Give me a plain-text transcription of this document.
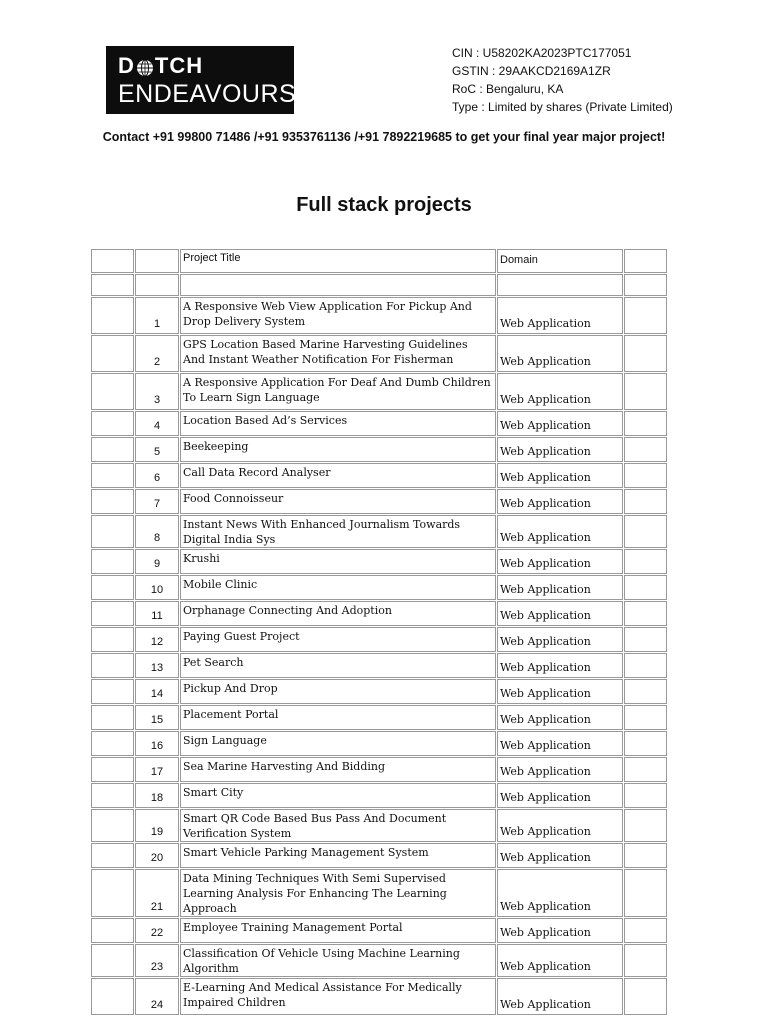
D TCH
ENDEAVOURS
CIN : U58202KA2023PTC177051
GSTIN : 29AAKCD2169A1ZR
RoC : Bengaluru, KA
Type : Limited by shares (Private Limited)
Contact +91 99800 71486 /+91 9353761136 /+91 7892219685 to get your final year major project!
Full stack projects
		Project Title	Domain	

	1	A Responsive Web View Application For Pickup And Drop Delivery System	Web Application	
	2	GPS Location Based Marine Harvesting Guidelines And Instant Weather Notification For Fisherman	Web Application	
	3	A Responsive Application For Deaf And Dumb Children To Learn Sign Language	Web Application	
	4	Location Based Ad’s Services	Web Application	
	5	Beekeeping	Web Application	
	6	Call Data Record Analyser	Web Application	
	7	Food Connoisseur	Web Application	
	8	Instant News With Enhanced Journalism Towards Digital India Sys	Web Application	
	9	Krushi	Web Application	
	10	Mobile Clinic	Web Application	
	11	Orphanage Connecting And Adoption	Web Application	
	12	Paying Guest Project	Web Application	
	13	Pet Search	Web Application	
	14	Pickup And Drop	Web Application	
	15	Placement Portal	Web Application	
	16	Sign Language	Web Application	
	17	Sea Marine Harvesting And Bidding	Web Application	
	18	Smart City	Web Application	
	19	Smart QR Code Based Bus Pass And Document Verification System	Web Application	
	20	Smart Vehicle Parking Management System	Web Application	
	21	Data Mining Techniques With Semi Supervised Learning Analysis For Enhancing The Learning Approach	Web Application	
	22	Employee Training Management Portal	Web Application	
	23	Classification Of Vehicle Using Machine Learning Algorithm	Web Application	
	24	E-Learning And Medical Assistance For Medically Impaired Children	Web Application	
